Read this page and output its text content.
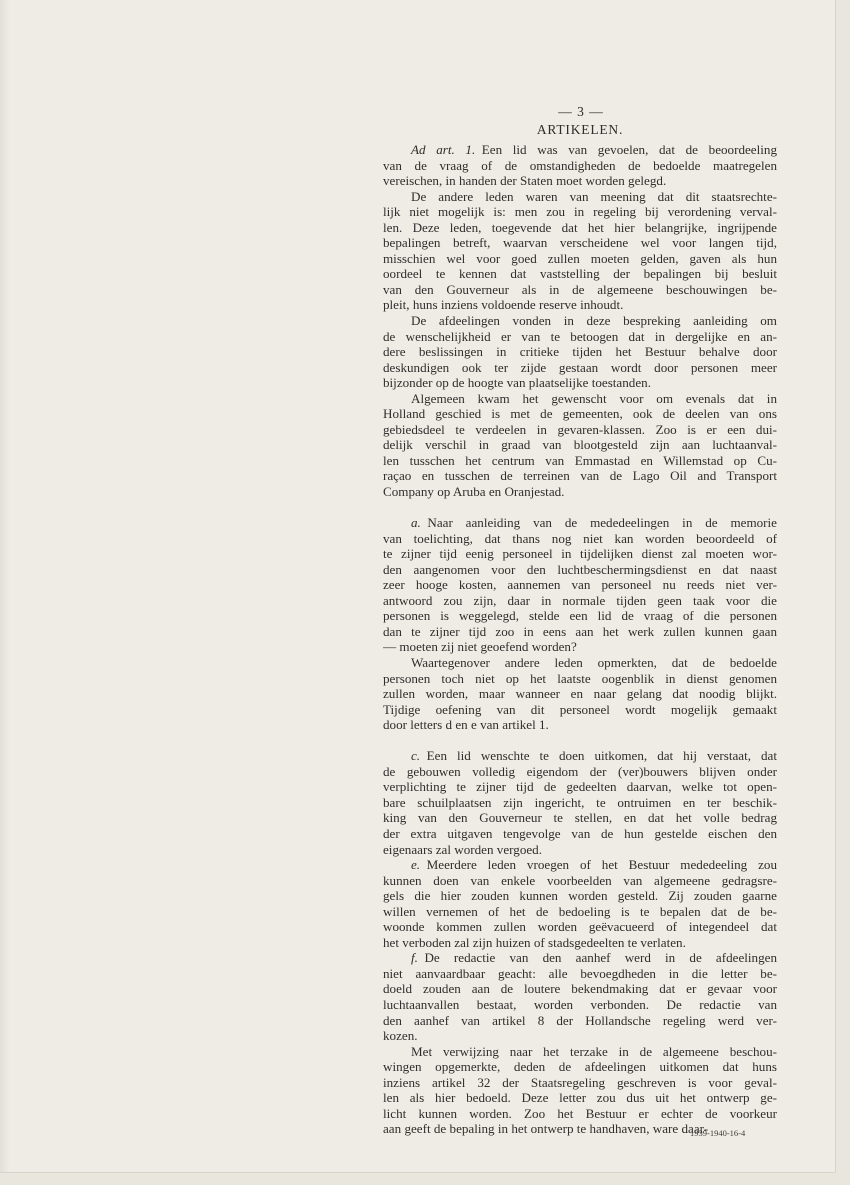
— 3 —
ARTIKELEN.
Ad art. 1.  Een lid was van gevoelen, dat de beoordeeling
van de vraag of de omstandigheden de bedoelde maatregelen
vereischen, in handen der Staten moet worden gelegd.
De andere leden waren van meening dat dit staatsrechte-
lijk niet mogelijk is: men zou in regeling bij verordening verval-
len. Deze leden, toegevende dat het hier belangrijke, ingrijpende
bepalingen betreft, waarvan verscheidene wel voor langen tijd,
misschien wel voor goed zullen moeten gelden, gaven als hun
oordeel te kennen dat vaststelling der bepalingen bij besluit
van den Gouverneur als in de algemeene beschouwingen be-
pleit, huns inziens voldoende reserve inhoudt.
De afdeelingen vonden in deze bespreking aanleiding om
de wenschelijkheid er van te betoogen dat in dergelijke en an-
dere beslissingen in critieke tijden het Bestuur behalve door
deskundigen ook ter zijde gestaan wordt door personen meer
bijzonder op de hoogte van plaatselijke toestanden.
Algemeen kwam het gewenscht voor om evenals dat in
Holland geschied is met de gemeenten, ook de deelen van ons
gebiedsdeel te verdeelen in gevaren-klassen. Zoo is er een dui-
delijk verschil in graad van blootgesteld zijn aan luchtaanval-
len tusschen het centrum van Emmastad en Willemstad op Cu-
raçao en tusschen de terreinen van de Lago Oil and Transport
Company op Aruba en Oranjestad.
a.  Naar aanleiding van de mededeelingen in de memorie
van toelichting, dat thans nog niet kan worden beoordeeld of
te zijner tijd eenig personeel in tijdelijken dienst zal moeten wor-
den aangenomen voor den luchtbeschermingsdienst en dat naast
zeer hooge kosten, aannemen van personeel nu reeds niet ver-
antwoord zou zijn, daar in normale tijden geen taak voor die
personen is weggelegd, stelde een lid de vraag of die personen
dan te zijner tijd zoo in eens aan het werk zullen kunnen gaan
— moeten zij niet geoefend worden?
Waartegenover andere leden opmerkten, dat de bedoelde
personen toch niet op het laatste oogenblik in dienst genomen
zullen worden, maar wanneer en naar gelang dat noodig blijkt.
Tijdige oefening van dit personeel wordt mogelijk gemaakt
door letters d en e van artikel 1.
c.  Een lid wenschte te doen uitkomen, dat hij verstaat, dat
de gebouwen volledig eigendom der (ver)bouwers blijven onder
verplichting te zijner tijd de gedeelten daarvan, welke tot open-
bare schuilplaatsen zijn ingericht, te ontruimen en ter beschik-
king van den Gouverneur te stellen, en dat het volle bedrag
der extra uitgaven tengevolge van de hun gestelde eischen den
eigenaars zal worden vergoed.
e.  Meerdere leden vroegen of het Bestuur mededeeling zou
kunnen doen van enkele voorbeelden van algemeene gedragsre-
gels die hier zouden kunnen worden gesteld. Zij zouden gaarne
willen vernemen of het de bedoeling is te bepalen dat de be-
woonde kommen zullen worden geëvacueerd of integendeel dat
het verboden zal zijn huizen of stadsgedeelten te verlaten.
f.  De redactie van den aanhef werd in de afdeelingen
niet aanvaardbaar geacht: alle bevoegdheden in die letter be-
doeld zouden aan de loutere bekendmaking dat er gevaar voor
luchtaanvallen bestaat, worden verbonden. De redactie van
den aanhef van artikel 8 der Hollandsche regeling werd ver-
kozen.
Met verwijzing naar het terzake in de algemeene beschou-
wingen opgemerkte, deden de afdeelingen uitkomen dat huns
inziens artikel 32 der Staatsregeling geschreven is voor geval-
len als hier bedoeld. Deze letter zou dus uit het ontwerp ge-
licht kunnen worden. Zoo het Bestuur er echter de voorkeur
aan geeft de bepaling in het ontwerp te handhaven, ware daar-
1939-1940-16-4
